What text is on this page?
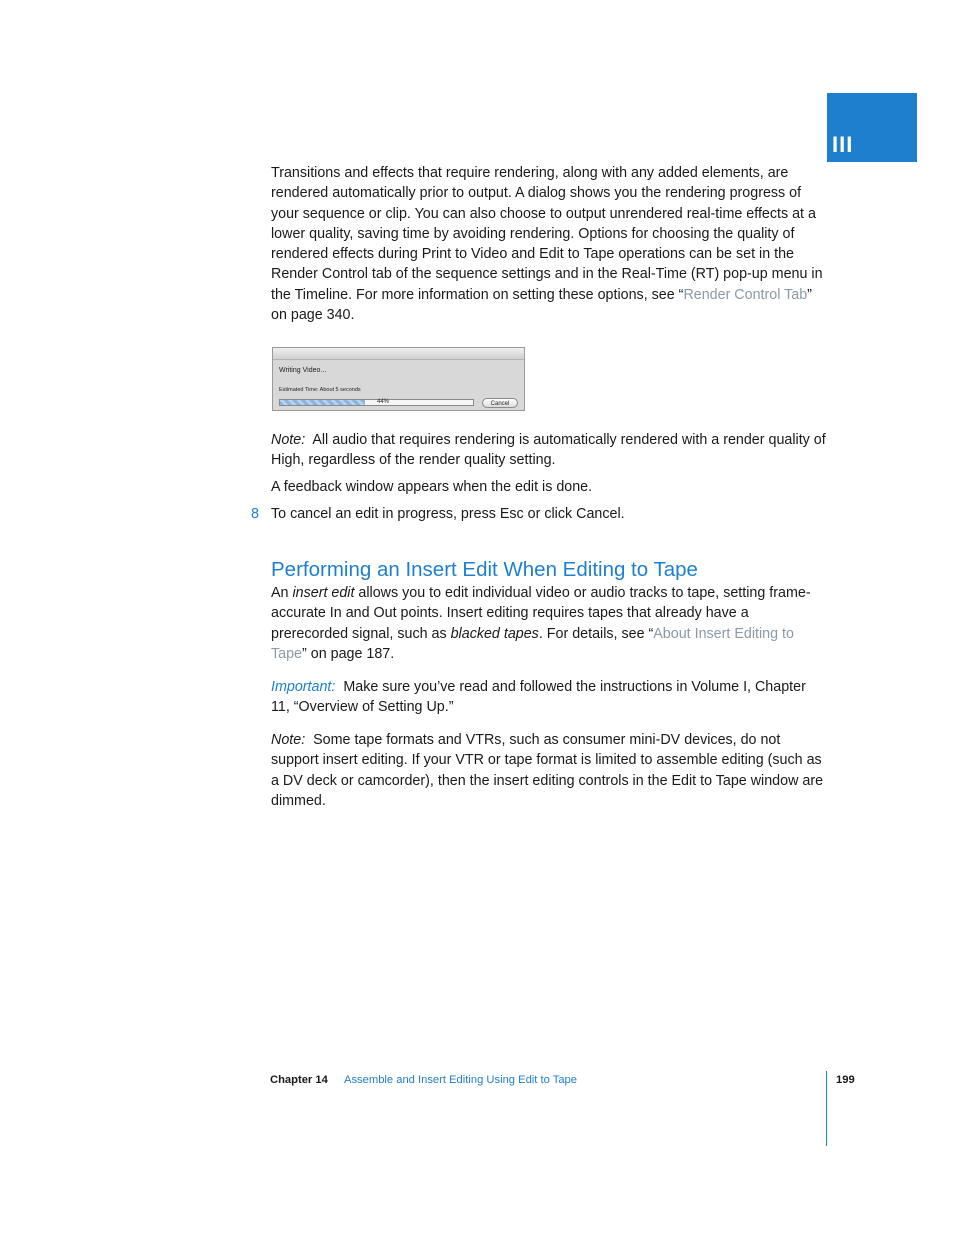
III

Transitions and effects that require rendering, along with any added elements, are rendered automatically prior to output. A dialog shows you the rendering progress of your sequence or clip. You can also choose to output unrendered real-time effects at a lower quality, saving time by avoiding rendering. Options for choosing the quality of rendered effects during Print to Video and Edit to Tape operations can be set in the Render Control tab of the sequence settings and in the Real-Time (RT) pop-up menu in the Timeline. For more information on setting these options, see “Render Control Tab” on page 340.

Writing Video...
Estimated Time: About 5 seconds
44%	Cancel

Note: All audio that requires rendering is automatically rendered with a render quality of High, regardless of the render quality setting.

A feedback window appears when the edit is done.

8 To cancel an edit in progress, press Esc or click Cancel.

Performing an Insert Edit When Editing to Tape

An insert edit allows you to edit individual video or audio tracks to tape, setting frame-accurate In and Out points. Insert editing requires tapes that already have a prerecorded signal, such as blacked tapes. For details, see “About Insert Editing to Tape” on page 187.

Important: Make sure you’ve read and followed the instructions in Volume I, Chapter 11, “Overview of Setting Up.”

Note: Some tape formats and VTRs, such as consumer mini-DV devices, do not support insert editing. If your VTR or tape format is limited to assemble editing (such as a DV deck or camcorder), then the insert editing controls in the Edit to Tape window are dimmed.

Chapter 14 Assemble and Insert Editing Using Edit to Tape	199
